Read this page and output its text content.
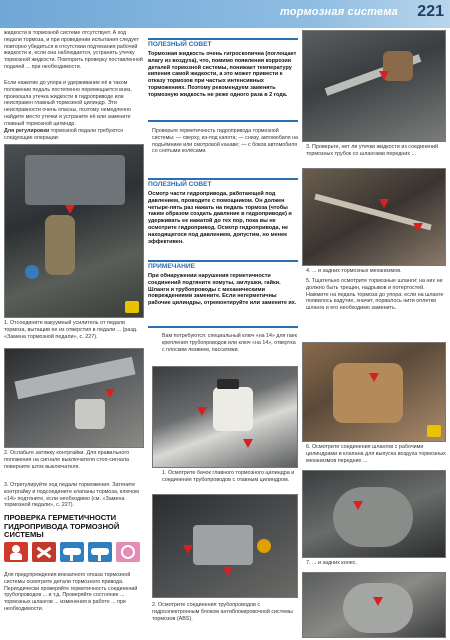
тормозная система 221

жидкости в тормозной системе отсутствует. А ход педали тормоза, и при проведении испытания следует повторно убедиться в отсутствии подтекания рабочей жидкости и, если она наблюдается, устранить утечку тормозной жидкости. Повторить проверку поставленной подачей ... при необходимости.

Если нажатие до упора и удерживание её в таком положении педаль постепенно перемещается вниз, произошла утечка жидкости в гидроприводе или неисправен главный тормозной цилиндр. Эти неисправности очень опасны, поэтому немедленно найдите место утечки и устраните её или замените главный тормозной цилиндр.

Для регулировки тормозной педали требуются следующие операции:

1. Отсоедините вакуумный усилитель от педали тормоза, вытащив ее из отверстия в педали ... (разд. «Замена тормозной педали», с. 227).

2. Ослабьте затяжку контргайки. Для правильного положения на сигнале выключателя стоп-сигнала поверните шток выключателя.

3. Отрегулируйте ход педали торможения. Затяните контргайку и подсоедините клапаны тормоза, ключом «14» подтяните, если необходимо (см. «Замена тормозной педали», с. 227).

ПРОВЕРКА ГЕРМЕТИЧНОСТИ ГИДРОПРИВОДА ТОРМОЗНОЙ СИСТЕМЫ

Для предупреждения внезапного отказа тормозной системы осмотрите детали тормозного привода. Периодически проверяйте герметичность соединений трубопроводов ... и т.д. Проверяйте состояние ... тормозных шлангов ... изменения в работе ... при необходимости.

ПОЛЕЗНЫЙ СОВЕТ

Тормозная жидкость очень гигроскопична (поглощает влагу из воздуха), что, помимо появления коррозии деталей тормозной системы, понижает температуру кипения самой жидкости, а это может привести к отказу тормозов при частых интенсивных торможениях. Поэтому рекомендуем заменять тормозную жидкость не реже одного раза в 2 года.

Проверьте герметичность гидропривода тормозной системы: — сверху, из-под капота; — снизу, автомобиля на подъёмнике или смотровой канаве; — с боков автомобиля со снятыми колёсами.

ПОЛЕЗНЫЙ СОВЕТ

Осмотр части гидропривода, работающей под давлением, проводите с помощником. Он должен четыре-пять раз нажать на педаль тормоза (чтобы таким образом создать давление в гидроприводе) и удерживать ее нажатой до тех пор, пока вы не осмотрите гидропривод. Осмотр гидропривода, не находящегося под давлением, допустим, но менее эффективен.

ПРИМЕЧАНИЕ

При обнаружении нарушения герметичности соединений подтяните хомуты, заглушки, гайки. Шланги и трубопроводы с механическими повреждениями замените. Если негерметичны рабочие цилиндры, отремонтируйте или замените их.

Вам потребуются: специальный ключ «на 14» для гаек крепления трубопроводов или ключ «на 14», отвертка с плоским лезвием, пассатижи.

1. Осмотрите бачок главного тормозного цилиндра и соединения трубопроводов с главным цилиндром.

2. Осмотрите соединения трубопроводов с гидроэлектронным блоком антиблокировочной системы тормозов (ABS).

3. Проверьте, нет ли утечки жидкости из соединений тормозных трубок со шлангами передних ...

4. ... и задних тормозных механизмов.

5. Тщательно осмотрите тормозные шланги: на них не должно быть трещин, надрывов и потертостей. Нажмите на педаль тормоза до упора: если на шланге появилось вздутие, значит, порвалось нити оплетки шланга и его необходимо заменить.

6. Осмотрите соединения шлангов с рабочими цилиндрами и клапана для выпуска воздуха тормозных механизмов передних ...

7. ... и задних колес.
